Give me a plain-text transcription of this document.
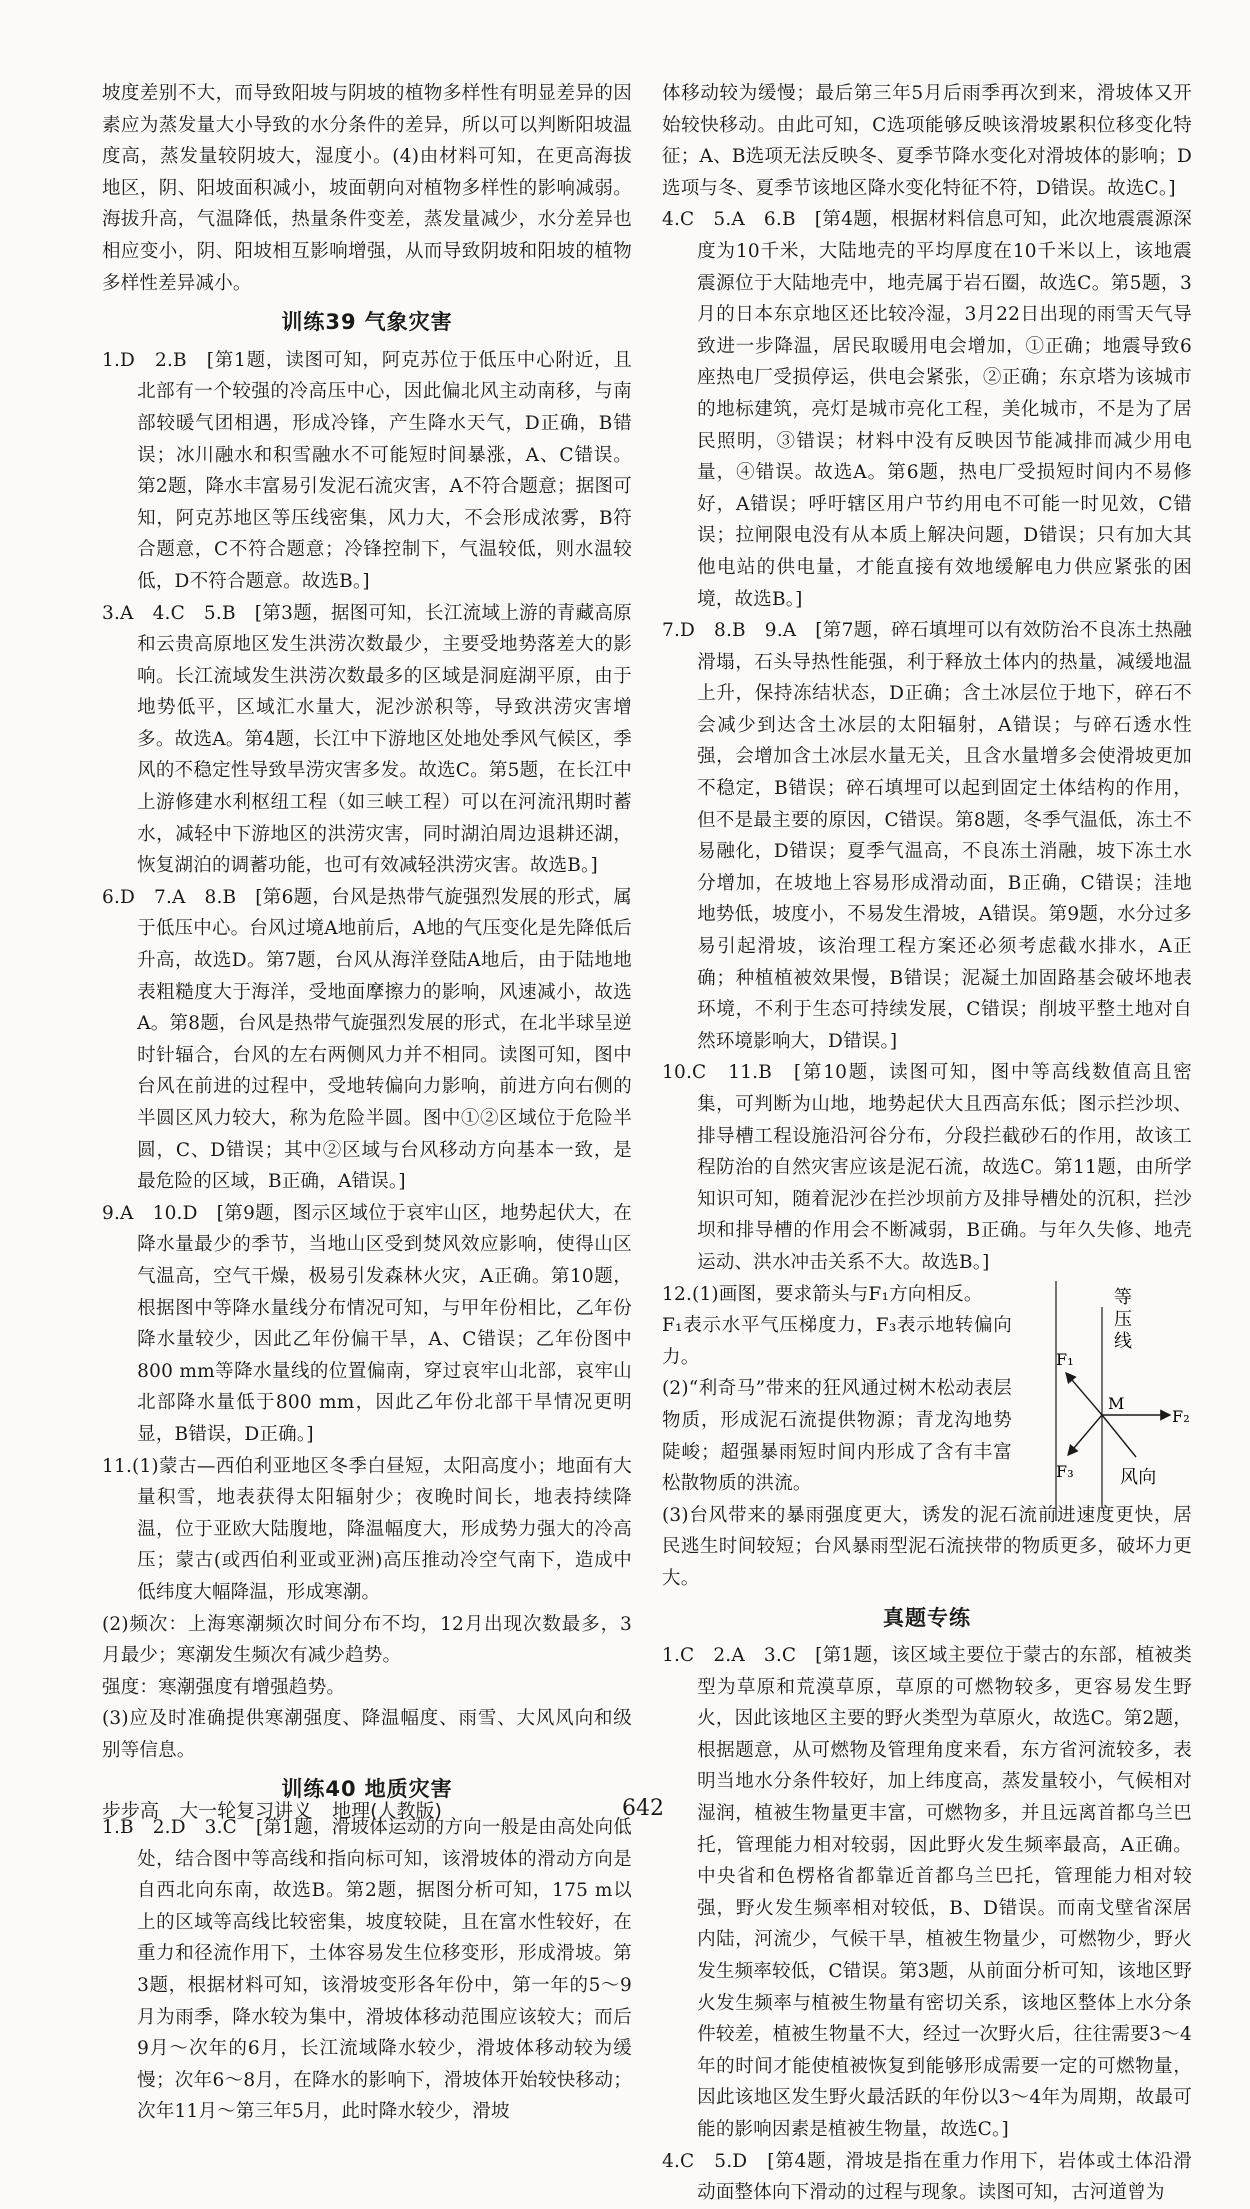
坡度差别不大，而导致阳坡与阴坡的植物多样性有明显差异的因素应为蒸发量大小导致的水分条件的差异，所以可以判断阳坡温度高，蒸发量较阴坡大，湿度小。(4)由材料可知，在更高海拔地区，阴、阳坡面积减小，坡面朝向对植物多样性的影响减弱。海拔升高，气温降低，热量条件变差，蒸发量减少，水分差异也相应变小，阴、阳坡相互影响增强，从而导致阴坡和阳坡的植物多样性差异减小。

训练39 气象灾害

1.D　2.B　[第1题，读图可知，阿克苏位于低压中心附近，且北部有一个较强的冷高压中心，因此偏北风主动南移，与南部较暖气团相遇，形成冷锋，产生降水天气，D正确，B错误；冰川融水和积雪融水不可能短时间暴涨，A、C错误。第2题，降水丰富易引发泥石流灾害，A不符合题意；据图可知，阿克苏地区等压线密集，风力大，不会形成浓雾，B符合题意，C不符合题意；冷锋控制下，气温较低，则水温较低，D不符合题意。故选B。]

3.A　4.C　5.B　[第3题，据图可知，长江流域上游的青藏高原和云贵高原地区发生洪涝次数最少，主要受地势落差大的影响。长江流域发生洪涝次数最多的区域是洞庭湖平原，由于地势低平，区域汇水量大，泥沙淤积等，导致洪涝灾害增多。故选A。第4题，长江中下游地区处地处季风气候区，季风的不稳定性导致旱涝灾害多发。故选C。第5题，在长江中上游修建水利枢纽工程（如三峡工程）可以在河流汛期时蓄水，减轻中下游地区的洪涝灾害，同时湖泊周边退耕还湖，恢复湖泊的调蓄功能，也可有效减轻洪涝灾害。故选B。]

6.D　7.A　8.B　[第6题，台风是热带气旋强烈发展的形式，属于低压中心。台风过境A地前后，A地的气压变化是先降低后升高，故选D。第7题，台风从海洋登陆A地后，由于陆地地表粗糙度大于海洋，受地面摩擦力的影响，风速减小，故选A。第8题，台风是热带气旋强烈发展的形式，在北半球呈逆时针辐合，台风的左右两侧风力并不相同。读图可知，图中台风在前进的过程中，受地转偏向力影响，前进方向右侧的半圆区风力较大，称为危险半圆。图中①②区域位于危险半圆，C、D错误；其中②区域与台风移动方向基本一致，是最危险的区域，B正确，A错误。]

9.A　10.D　[第9题，图示区域位于哀牢山区，地势起伏大，在降水量最少的季节，当地山区受到焚风效应影响，使得山区气温高，空气干燥，极易引发森林火灾，A正确。第10题，根据图中等降水量线分布情况可知，与甲年份相比，乙年份降水量较少，因此乙年份偏干旱，A、C错误；乙年份图中800 mm等降水量线的位置偏南，穿过哀牢山北部，哀牢山北部降水量低于800 mm，因此乙年份北部干旱情况更明显，B错误，D正确。]

11.(1)蒙古—西伯利亚地区冬季白昼短，太阳高度小；地面有大量积雪，地表获得太阳辐射少；夜晚时间长，地表持续降温，位于亚欧大陆腹地，降温幅度大，形成势力强大的冷高压；蒙古(或西伯利亚或亚洲)高压推动冷空气南下，造成中低纬度大幅降温，形成寒潮。

(2)频次：上海寒潮频次时间分布不均，12月出现次数最多，3月最少；寒潮发生频次有减少趋势。

强度：寒潮强度有增强趋势。

(3)应及时准确提供寒潮强度、降温幅度、雨雪、大风风向和级别等信息。

训练40 地质灾害

1.B　2.D　3.C　[第1题，滑坡体运动的方向一般是由高处向低处，结合图中等高线和指向标可知，该滑坡体的滑动方向是自西北向东南，故选B。第2题，据图分析可知，175 m以上的区域等高线比较密集，坡度较陡，且在富水性较好，在重力和径流作用下，土体容易发生位移变形，形成滑坡。第3题，根据材料可知，该滑坡变形各年份中，第一年的5～9月为雨季，降水较为集中，滑坡体移动范围应该较大；而后9月～次年的6月，长江流域降水较少，滑坡体移动较为缓慢；次年6～8月，在降水的影响下，滑坡体开始较快移动；次年11月～第三年5月，此时降水较少，滑坡

体移动较为缓慢；最后第三年5月后雨季再次到来，滑坡体又开始较快移动。由此可知，C选项能够反映该滑坡累积位移变化特征；A、B选项无法反映冬、夏季节降水变化对滑坡体的影响；D选项与冬、夏季节该地区降水变化特征不符，D错误。故选C。]

4.C　5.A　6.B　[第4题，根据材料信息可知，此次地震震源深度为10千米，大陆地壳的平均厚度在10千米以上，该地震震源位于大陆地壳中，地壳属于岩石圈，故选C。第5题，3月的日本东京地区还比较冷湿，3月22日出现的雨雪天气导致进一步降温，居民取暖用电会增加，①正确；地震导致6座热电厂受损停运，供电会紧张，②正确；东京塔为该城市的地标建筑，亮灯是城市亮化工程，美化城市，不是为了居民照明，③错误；材料中没有反映因节能减排而减少用电量，④错误。故选A。第6题，热电厂受损短时间内不易修好，A错误；呼吁辖区用户节约用电不可能一时见效，C错误；拉闸限电没有从本质上解决问题，D错误；只有加大其他电站的供电量，才能直接有效地缓解电力供应紧张的困境，故选B。]

7.D　8.B　9.A　[第7题，碎石填埋可以有效防治不良冻土热融滑塌，石头导热性能强，利于释放土体内的热量，减缓地温上升，保持冻结状态，D正确；含土冰层位于地下，碎石不会减少到达含土冰层的太阳辐射，A错误；与碎石透水性强，会增加含土冰层水量无关，且含水量增多会使滑坡更加不稳定，B错误；碎石填埋可以起到固定土体结构的作用，但不是最主要的原因，C错误。第8题，冬季气温低，冻土不易融化，D错误；夏季气温高，不良冻土消融，坡下冻土水分增加，在坡地上容易形成滑动面，B正确，C错误；洼地地势低，坡度小，不易发生滑坡，A错误。第9题，水分过多易引起滑坡，该治理工程方案还必须考虑截水排水，A正确；种植植被效果慢，B错误；泥凝土加固路基会破坏地表环境，不利于生态可持续发展，C错误；削坡平整土地对自然环境影响大，D错误。]

10.C　11.B　[第10题，读图可知，图中等高线数值高且密集，可判断为山地，地势起伏大且西高东低；图示拦沙坝、排导槽工程设施沿河谷分布，分段拦截砂石的作用，故该工程防治的自然灾害应该是泥石流，故选C。第11题，由所学知识可知，随着泥沙在拦沙坝前方及排导槽处的沉积，拦沙坝和排导槽的作用会不断减弱，B正确。与年久失修、地壳运动、洪水冲击关系不大。故选B。]

12.(1)画图，要求箭头与F₁方向相反。

F₁表示水平气压梯度力，F₃表示地转偏向力。

(2)“利奇马”带来的狂风通过树木松动表层物质，形成泥石流提供物源；青龙沟地势陡峻；超强暴雨短时间内形成了含有丰富松散物质的洪流。

等
压
线
F₁
F₂
F₃
M
风向

(3)台风带来的暴雨强度更大，诱发的泥石流前进速度更快，居民逃生时间较短；台风暴雨型泥石流挟带的物质更多，破坏力更大。

真题专练

1.C　2.A　3.C　[第1题，该区域主要位于蒙古的东部，植被类型为草原和荒漠草原，草原的可燃物较多，更容易发生野火，因此该地区主要的野火类型为草原火，故选C。第2题，根据题意，从可燃物及管理角度来看，东方省河流较多，表明当地水分条件较好，加上纬度高，蒸发量较小，气候相对湿润，植被生物量更丰富，可燃物多，并且远离首都乌兰巴托，管理能力相对较弱，因此野火发生频率最高，A正确。中央省和色楞格省都靠近首都乌兰巴托，管理能力相对较强，野火发生频率相对较低，B、D错误。而南戈壁省深居内陆，河流少，气候干旱，植被生物量少，可燃物少，野火发生频率较低，C错误。第3题，从前面分析可知，该地区野火发生频率与植被生物量有密切关系，该地区整体上水分条件较差，植被生物量不大，经过一次野火后，往往需要3～4年的时间才能使植被恢复到能够形成需要一定的可燃物量，因此该地区发生野火最活跃的年份以3～4年为周期，故最可能的影响因素是植被生物量，故选C。]

4.C　5.D　[第4题，滑坡是指在重力作用下，岩体或土体沿滑动面整体向下滑动的过程与现象。读图可知，古河道曾为

步步高 大一轮复习讲义 地理(人教版)	642
